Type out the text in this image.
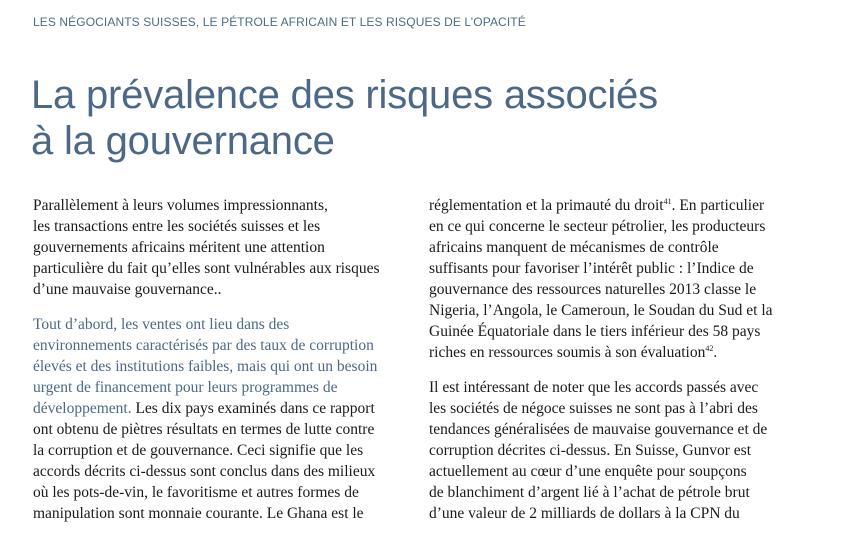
LES NÉGOCIANTS SUISSES, LE PÉTROLE AFRICAIN ET LES RISQUES DE L’OPACITÉ
La prévalence des risques associés
à la gouvernance

Parallèlement à leurs volumes impressionnants,
les transactions entre les sociétés suisses et les
gouvernements africains méritent une attention
particulière du fait qu’elles sont vulnérables aux risques
d’une mauvaise gouvernance..

Tout d’abord, les ventes ont lieu dans des
environnements caractérisés par des taux de corruption
élevés et des institutions faibles, mais qui ont un besoin
urgent de financement pour leurs programmes de
développement. Les dix pays examinés dans ce rapport
ont obtenu de piètres résultats en termes de lutte contre
la corruption et de gouvernance. Ceci signifie que les
accords décrits ci-dessus sont conclus dans des milieux
où les pots-de-vin, le favoritisme et autres formes de
manipulation sont monnaie courante. Le Ghana est le

réglementation et la primauté du droit$^{41}$. En particulier
en ce qui concerne le secteur pétrolier, les producteurs
africains manquent de mécanismes de contrôle
suffisants pour favoriser l’intérêt public : l’Indice de
gouvernance des ressources naturelles 2013 classe le
Nigeria, l’Angola, le Cameroun, le Soudan du Sud et la
Guinée Équatoriale dans le tiers inférieur des 58 pays
riches en ressources soumis à son évaluation$^{42}$.

Il est intéressant de noter que les accords passés avec
les sociétés de négoce suisses ne sont pas à l’abri des
tendances généralisées de mauvaise gouvernance et de
corruption décrites ci-dessus. En Suisse, Gunvor est
actuellement au cœur d’une enquête pour soupçons
de blanchiment d’argent lié à l’achat de pétrole brut
d’une valeur de 2 milliards de dollars à la CPN du
